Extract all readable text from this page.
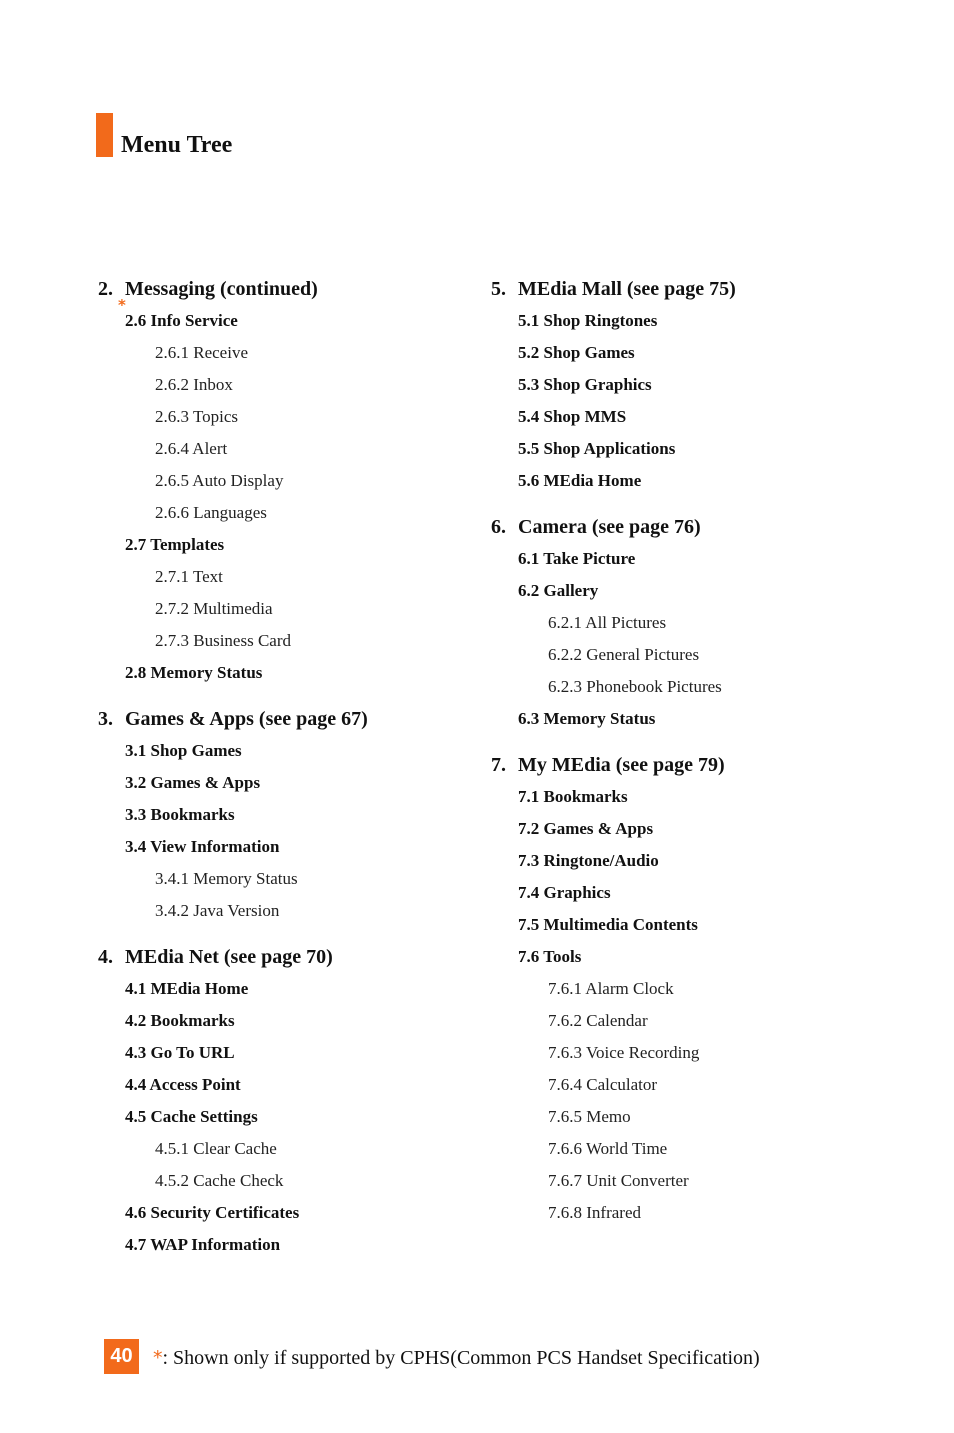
Menu Tree
2. Messaging (continued)
*
2.6 Info Service
2.6.1 Receive
2.6.2 Inbox
2.6.3 Topics
2.6.4 Alert
2.6.5 Auto Display
2.6.6 Languages
2.7 Templates
2.7.1 Text
2.7.2 Multimedia
2.7.3 Business Card
2.8 Memory Status
3. Games & Apps (see page 67)
3.1 Shop Games
3.2 Games & Apps
3.3 Bookmarks
3.4 View Information
3.4.1 Memory Status
3.4.2 Java Version
4. MEdia Net (see page 70)
4.1 MEdia Home
4.2 Bookmarks
4.3 Go To URL
4.4 Access Point
4.5 Cache Settings
4.5.1 Clear Cache
4.5.2 Cache Check
4.6 Security Certificates
4.7 WAP Information
5. MEdia Mall (see page 75)
5.1 Shop Ringtones
5.2 Shop Games
5.3 Shop Graphics
5.4 Shop MMS
5.5 Shop Applications
5.6 MEdia Home
6. Camera (see page 76)
6.1 Take Picture
6.2 Gallery
6.2.1 All Pictures
6.2.2 General Pictures
6.2.3 Phonebook Pictures
6.3 Memory Status
7. My MEdia (see page 79)
7.1 Bookmarks
7.2 Games & Apps
7.3 Ringtone/Audio
7.4 Graphics
7.5 Multimedia Contents
7.6 Tools
7.6.1 Alarm Clock
7.6.2 Calendar
7.6.3 Voice Recording
7.6.4 Calculator
7.6.5 Memo
7.6.6 World Time
7.6.7 Unit Converter
7.6.8 Infrared
40	*: Shown only if supported by CPHS(Common PCS Handset Specification)
